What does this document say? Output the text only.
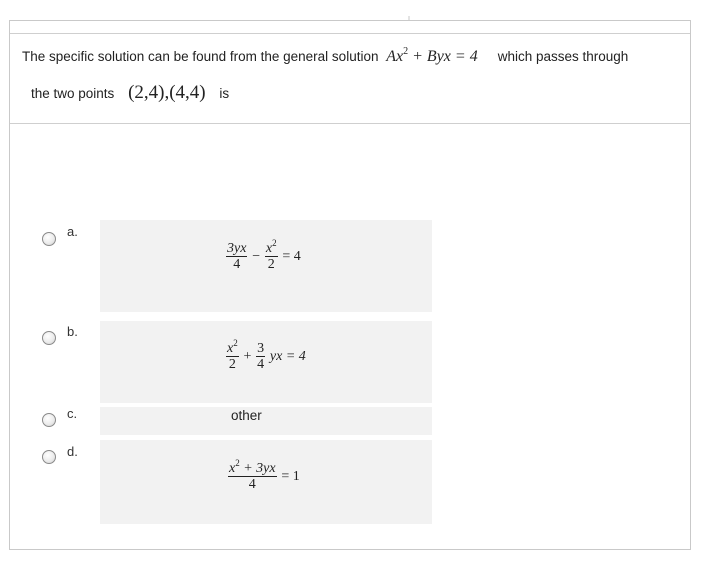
The specific solution can be found from the general solution $Ax^2$ + Byx = 4 which passes through
the two points (2,4),(4,4) is
a.
$\frac{3yx}{4} - \frac{x^2}{2} = 4$
b.
$\frac{x^2}{2} + \frac{3}{4}$ yx = 4
c.	other
d.
$\frac{x^2 + 3yx}{4} = 1$
